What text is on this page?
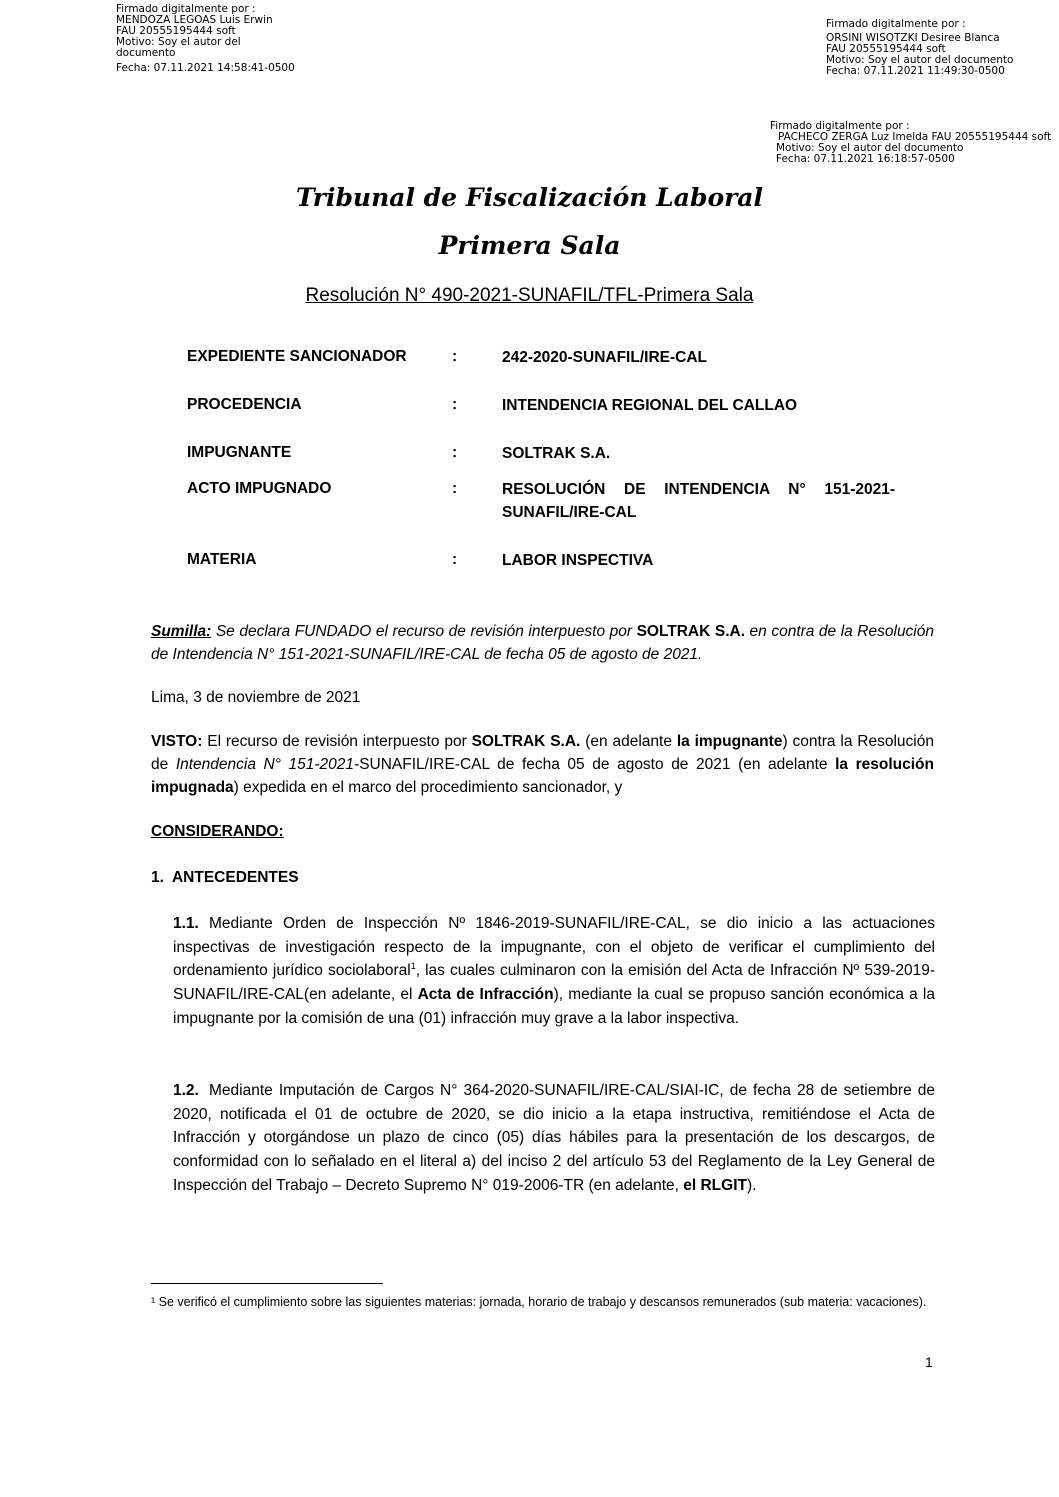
Firmado digitalmente por :
MENDOZA LEGOAS Luis Erwin
FAU 20555195444 soft
Motivo: Soy el autor del
documento
Fecha: 07.11.2021 14:58:41-0500
Firmado digitalmente por :
ORSINI WISOTZKI Desiree Blanca
FAU 20555195444 soft
Motivo: Soy el autor del documento
Fecha: 07.11.2021 11:49:30-0500
Firmado digitalmente por :
PACHECO ZERGA Luz Imelda FAU 20555195444 soft
Motivo: Soy el autor del documento
Fecha: 07.11.2021 16:18:57-0500
Tribunal de Fiscalización Laboral
Primera Sala
Resolución N° 490-2021-SUNAFIL/TFL-Primera Sala
EXPEDIENTE SANCIONADOR	:	242-2020-SUNAFIL/IRE-CAL
PROCEDENCIA	:	INTENDENCIA REGIONAL DEL CALLAO
IMPUGNANTE	:	SOLTRAK S.A.
ACTO IMPUGNADO	:	RESOLUCIÓN DE INTENDENCIA N° 151-2021-SUNAFIL/IRE-CAL
MATERIA	:	LABOR INSPECTIVA
Sumilla: Se declara FUNDADO el recurso de revisión interpuesto por SOLTRAK S.A. en contra de la Resolución de Intendencia N° 151-2021-SUNAFIL/IRE-CAL de fecha 05 de agosto de 2021.
Lima, 3 de noviembre de 2021
VISTO: El recurso de revisión interpuesto por SOLTRAK S.A. (en adelante la impugnante) contra la Resolución de Intendencia N° 151-2021-SUNAFIL/IRE-CAL de fecha 05 de agosto de 2021 (en adelante la resolución impugnada) expedida en el marco del procedimiento sancionador, y
CONSIDERANDO:
1.  ANTECEDENTES
1.1. Mediante Orden de Inspección Nº 1846-2019-SUNAFIL/IRE-CAL, se dio inicio a las actuaciones inspectivas de investigación respecto de la impugnante, con el objeto de verificar el cumplimiento del ordenamiento jurídico sociolaboral$^1$, las cuales culminaron con la emisión del Acta de Infracción Nº 539-2019-SUNAFIL/IRE-CAL(en adelante, el Acta de Infracción), mediante la cual se propuso sanción económica a la impugnante por la comisión de una (01) infracción muy grave a la labor inspectiva.
1.2. Mediante Imputación de Cargos N° 364-2020-SUNAFIL/IRE-CAL/SIAI-IC, de fecha 28 de setiembre de 2020, notificada el 01 de octubre de 2020, se dio inicio a la etapa instructiva, remitiéndose el Acta de Infracción y otorgándose un plazo de cinco (05) días hábiles para la presentación de los descargos, de conformidad con lo señalado en el literal a) del inciso 2 del artículo 53 del Reglamento de la Ley General de Inspección del Trabajo – Decreto Supremo N° 019-2006-TR (en adelante, el RLGIT).
¹ Se verificó el cumplimiento sobre las siguientes materias: jornada, horario de trabajo y descansos remunerados (sub materia: vacaciones).
1
